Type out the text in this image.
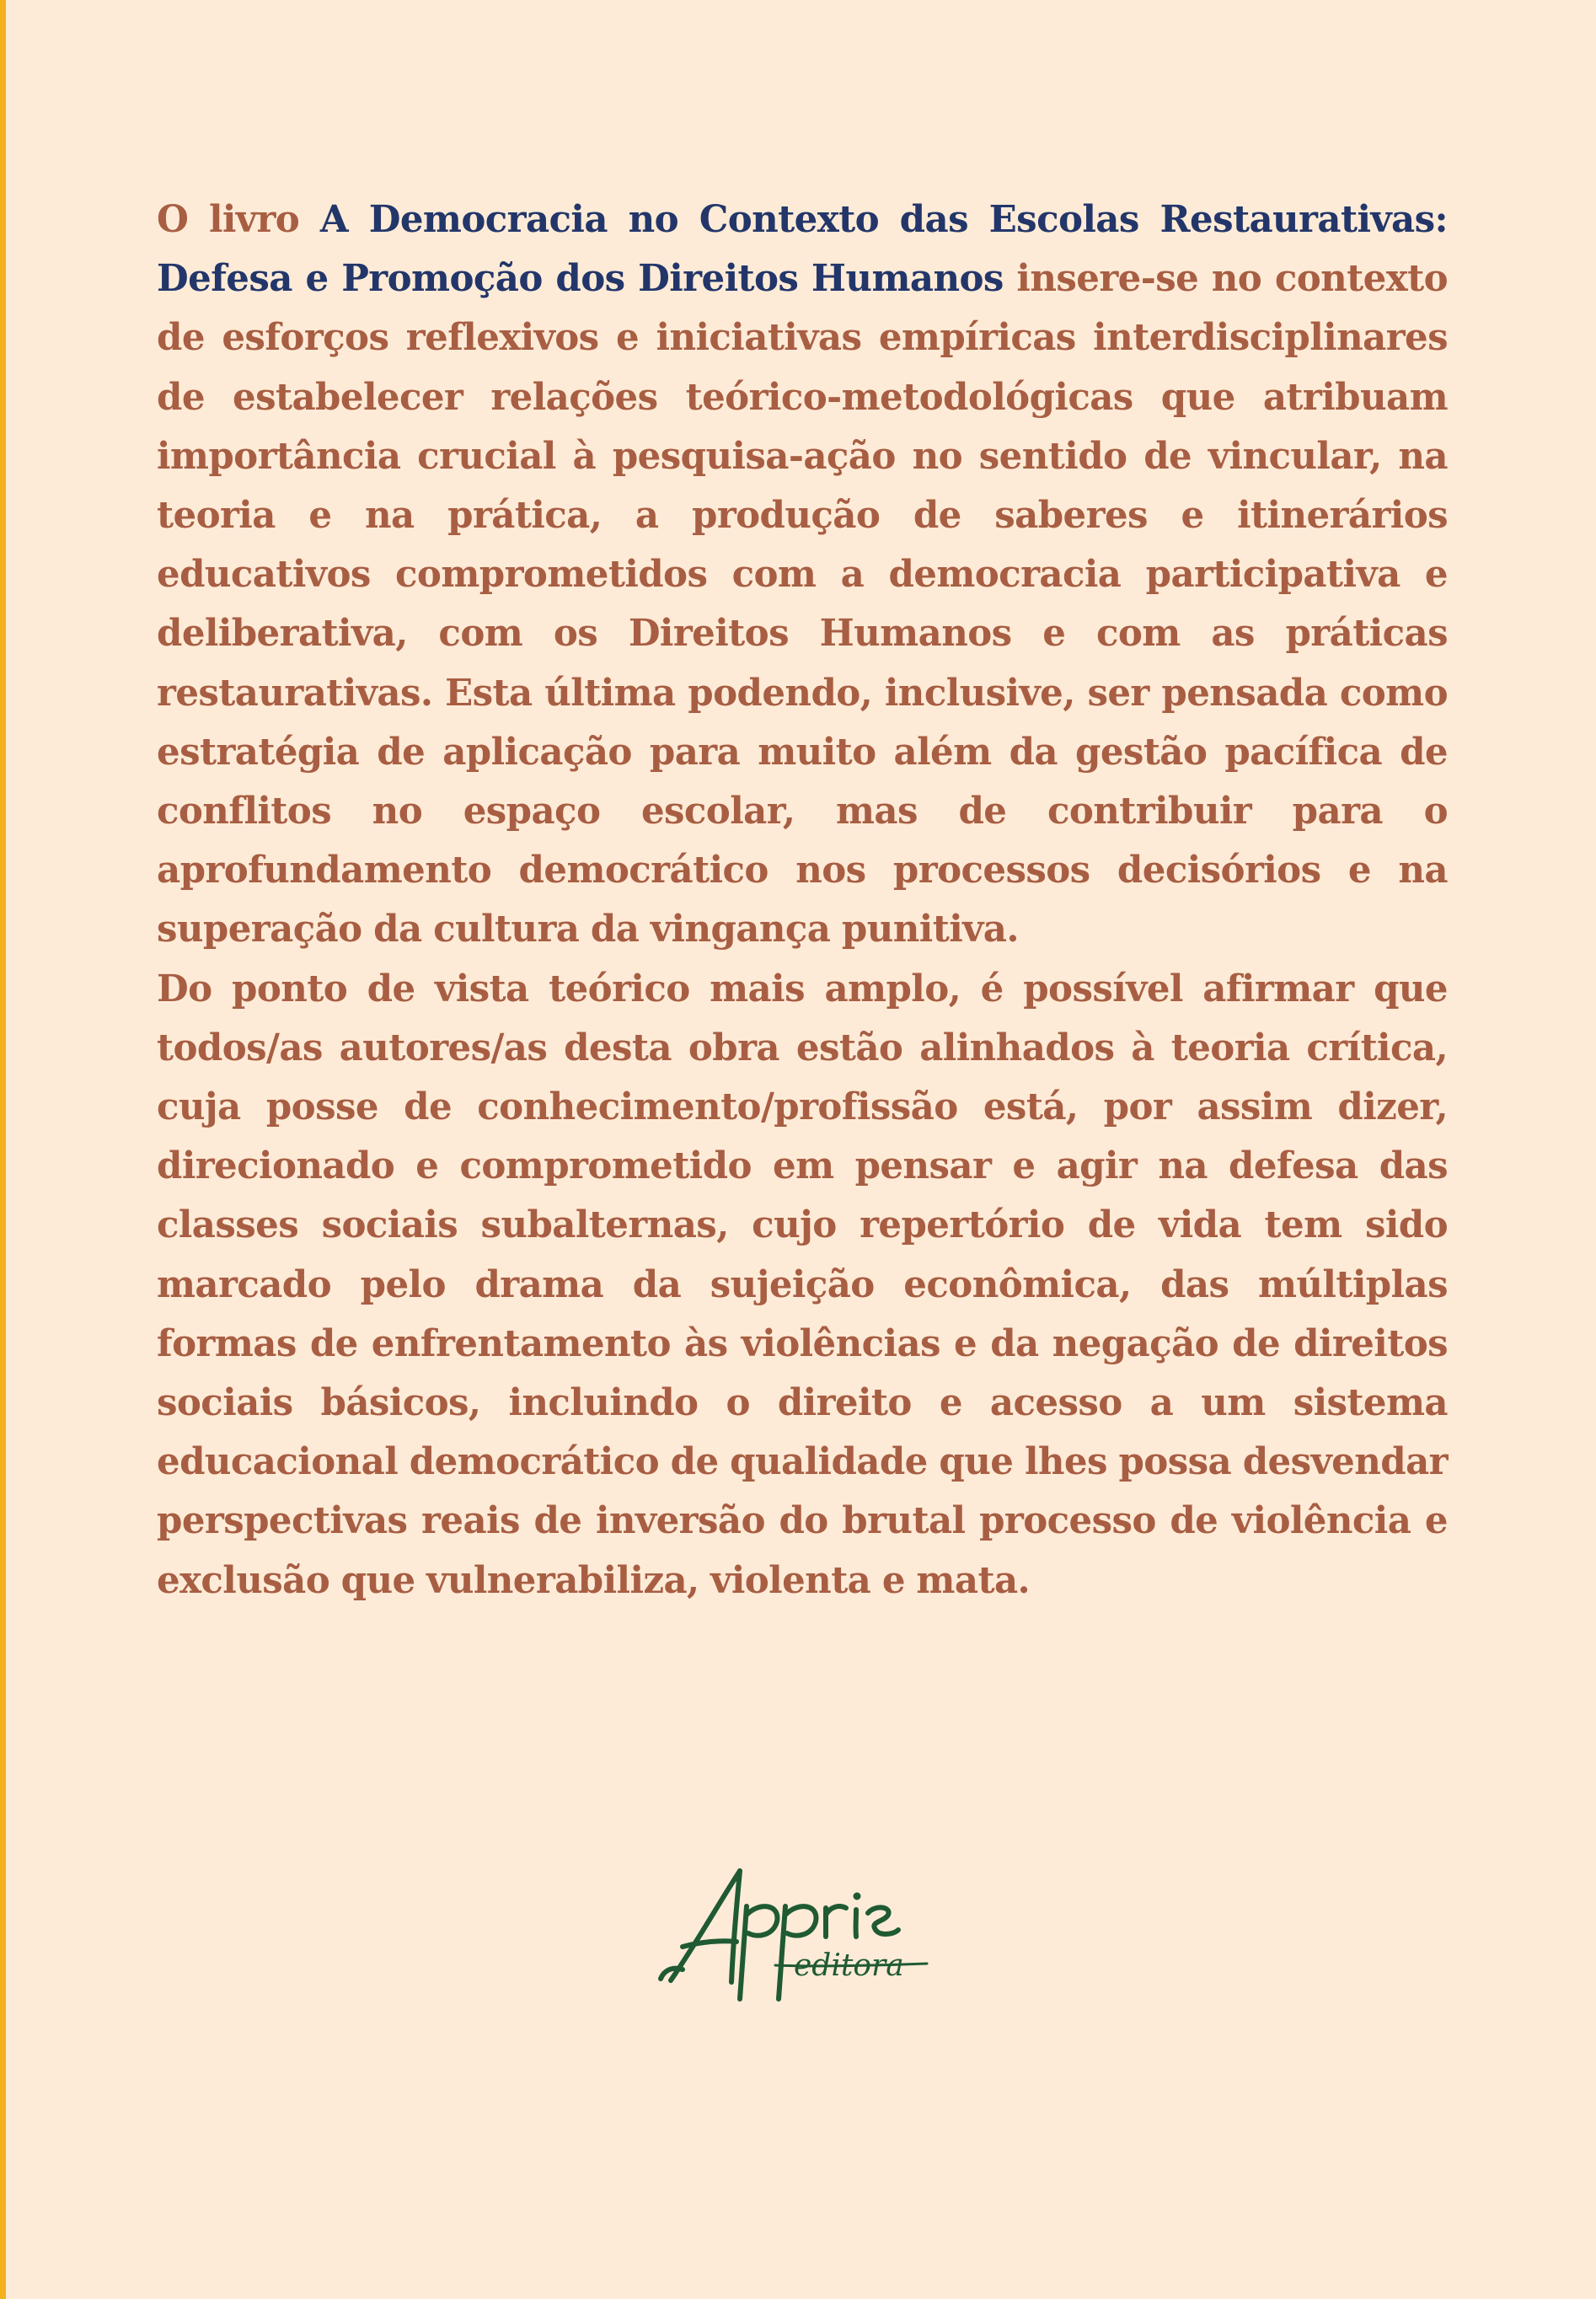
O livro A Democracia no Contexto das Escolas Restaurativas: Defesa e Promoção dos Direitos Humanos insere-se no contexto de esforços reflexivos e iniciativas empíricas interdisciplinares de estabelecer relações teórico-metodológicas que atribuam importância crucial à pesquisa-ação no sentido de vincular, na teoria e na prática, a produção de saberes e itinerários educativos comprometidos com a democracia participativa e deliberativa, com os Direitos Humanos e com as práticas restaurativas. Esta última podendo, inclusive, ser pensada como estratégia de aplicação para muito além da gestão pacífica de conflitos no espaço escolar, mas de contribuir para o aprofundamento democrático nos processos decisórios e na superação da cultura da vingança punitiva.

Do ponto de vista teórico mais amplo, é possível afirmar que todos/as autores/as desta obra estão alinhados à teoria crítica, cuja posse de conhecimento/profissão está, por assim dizer, direcionado e comprometido em pensar e agir na defesa das classes sociais subalternas, cujo repertório de vida tem sido marcado pelo drama da sujeição econômica, das múltiplas formas de enfrentamento às violências e da negação de direitos sociais básicos, incluindo o direito e acesso a um sistema educacional democrático de qualidade que lhes possa desvendar perspectivas reais de inversão do brutal processo de violência e exclusão que vulnerabiliza, violenta e mata.

Appris
editora
